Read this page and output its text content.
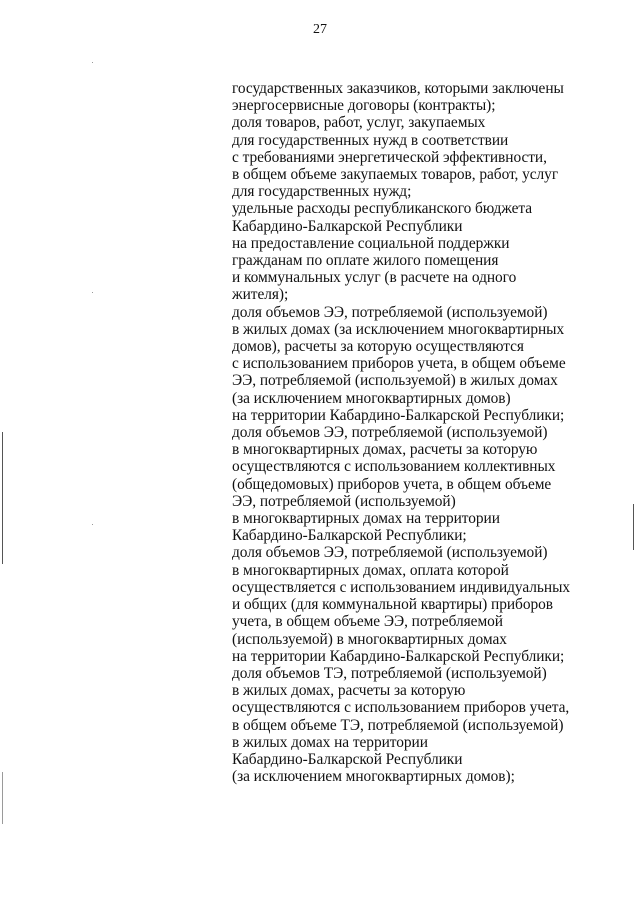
27
государственных заказчиков, которыми заключены
энергосервисные договоры (контракты);
доля товаров, работ, услуг, закупаемых
для государственных нужд в соответствии
с требованиями энергетической эффективности,
в общем объеме закупаемых товаров, работ, услуг
для государственных нужд;
удельные расходы республиканского бюджета
Кабардино-Балкарской Республики
на предоставление социальной поддержки
гражданам по оплате жилого помещения
и коммунальных услуг (в расчете на одного
жителя);
доля объемов ЭЭ, потребляемой (используемой)
в жилых домах (за исключением многоквартирных
домов), расчеты за которую осуществляются
с использованием приборов учета, в общем объеме
ЭЭ, потребляемой (используемой) в жилых домах
(за исключением многоквартирных домов)
на территории Кабардино-Балкарской Республики;
доля объемов ЭЭ, потребляемой (используемой)
в многоквартирных домах, расчеты за которую
осуществляются с использованием коллективных
(общедомовых) приборов учета, в общем объеме
ЭЭ, потребляемой (используемой)
в многоквартирных домах на территории
Кабардино-Балкарской Республики;
доля объемов ЭЭ, потребляемой (используемой)
в многоквартирных домах, оплата которой
осуществляется с использованием индивидуальных
и общих (для коммунальной квартиры) приборов
учета, в общем объеме ЭЭ, потребляемой
(используемой) в многоквартирных домах
на территории Кабардино-Балкарской Республики;
доля объемов ТЭ, потребляемой (используемой)
в жилых домах, расчеты за которую
осуществляются с использованием приборов учета,
в общем объеме ТЭ, потребляемой (используемой)
в жилых домах на территории
Кабардино-Балкарской Республики
(за исключением многоквартирных домов);
